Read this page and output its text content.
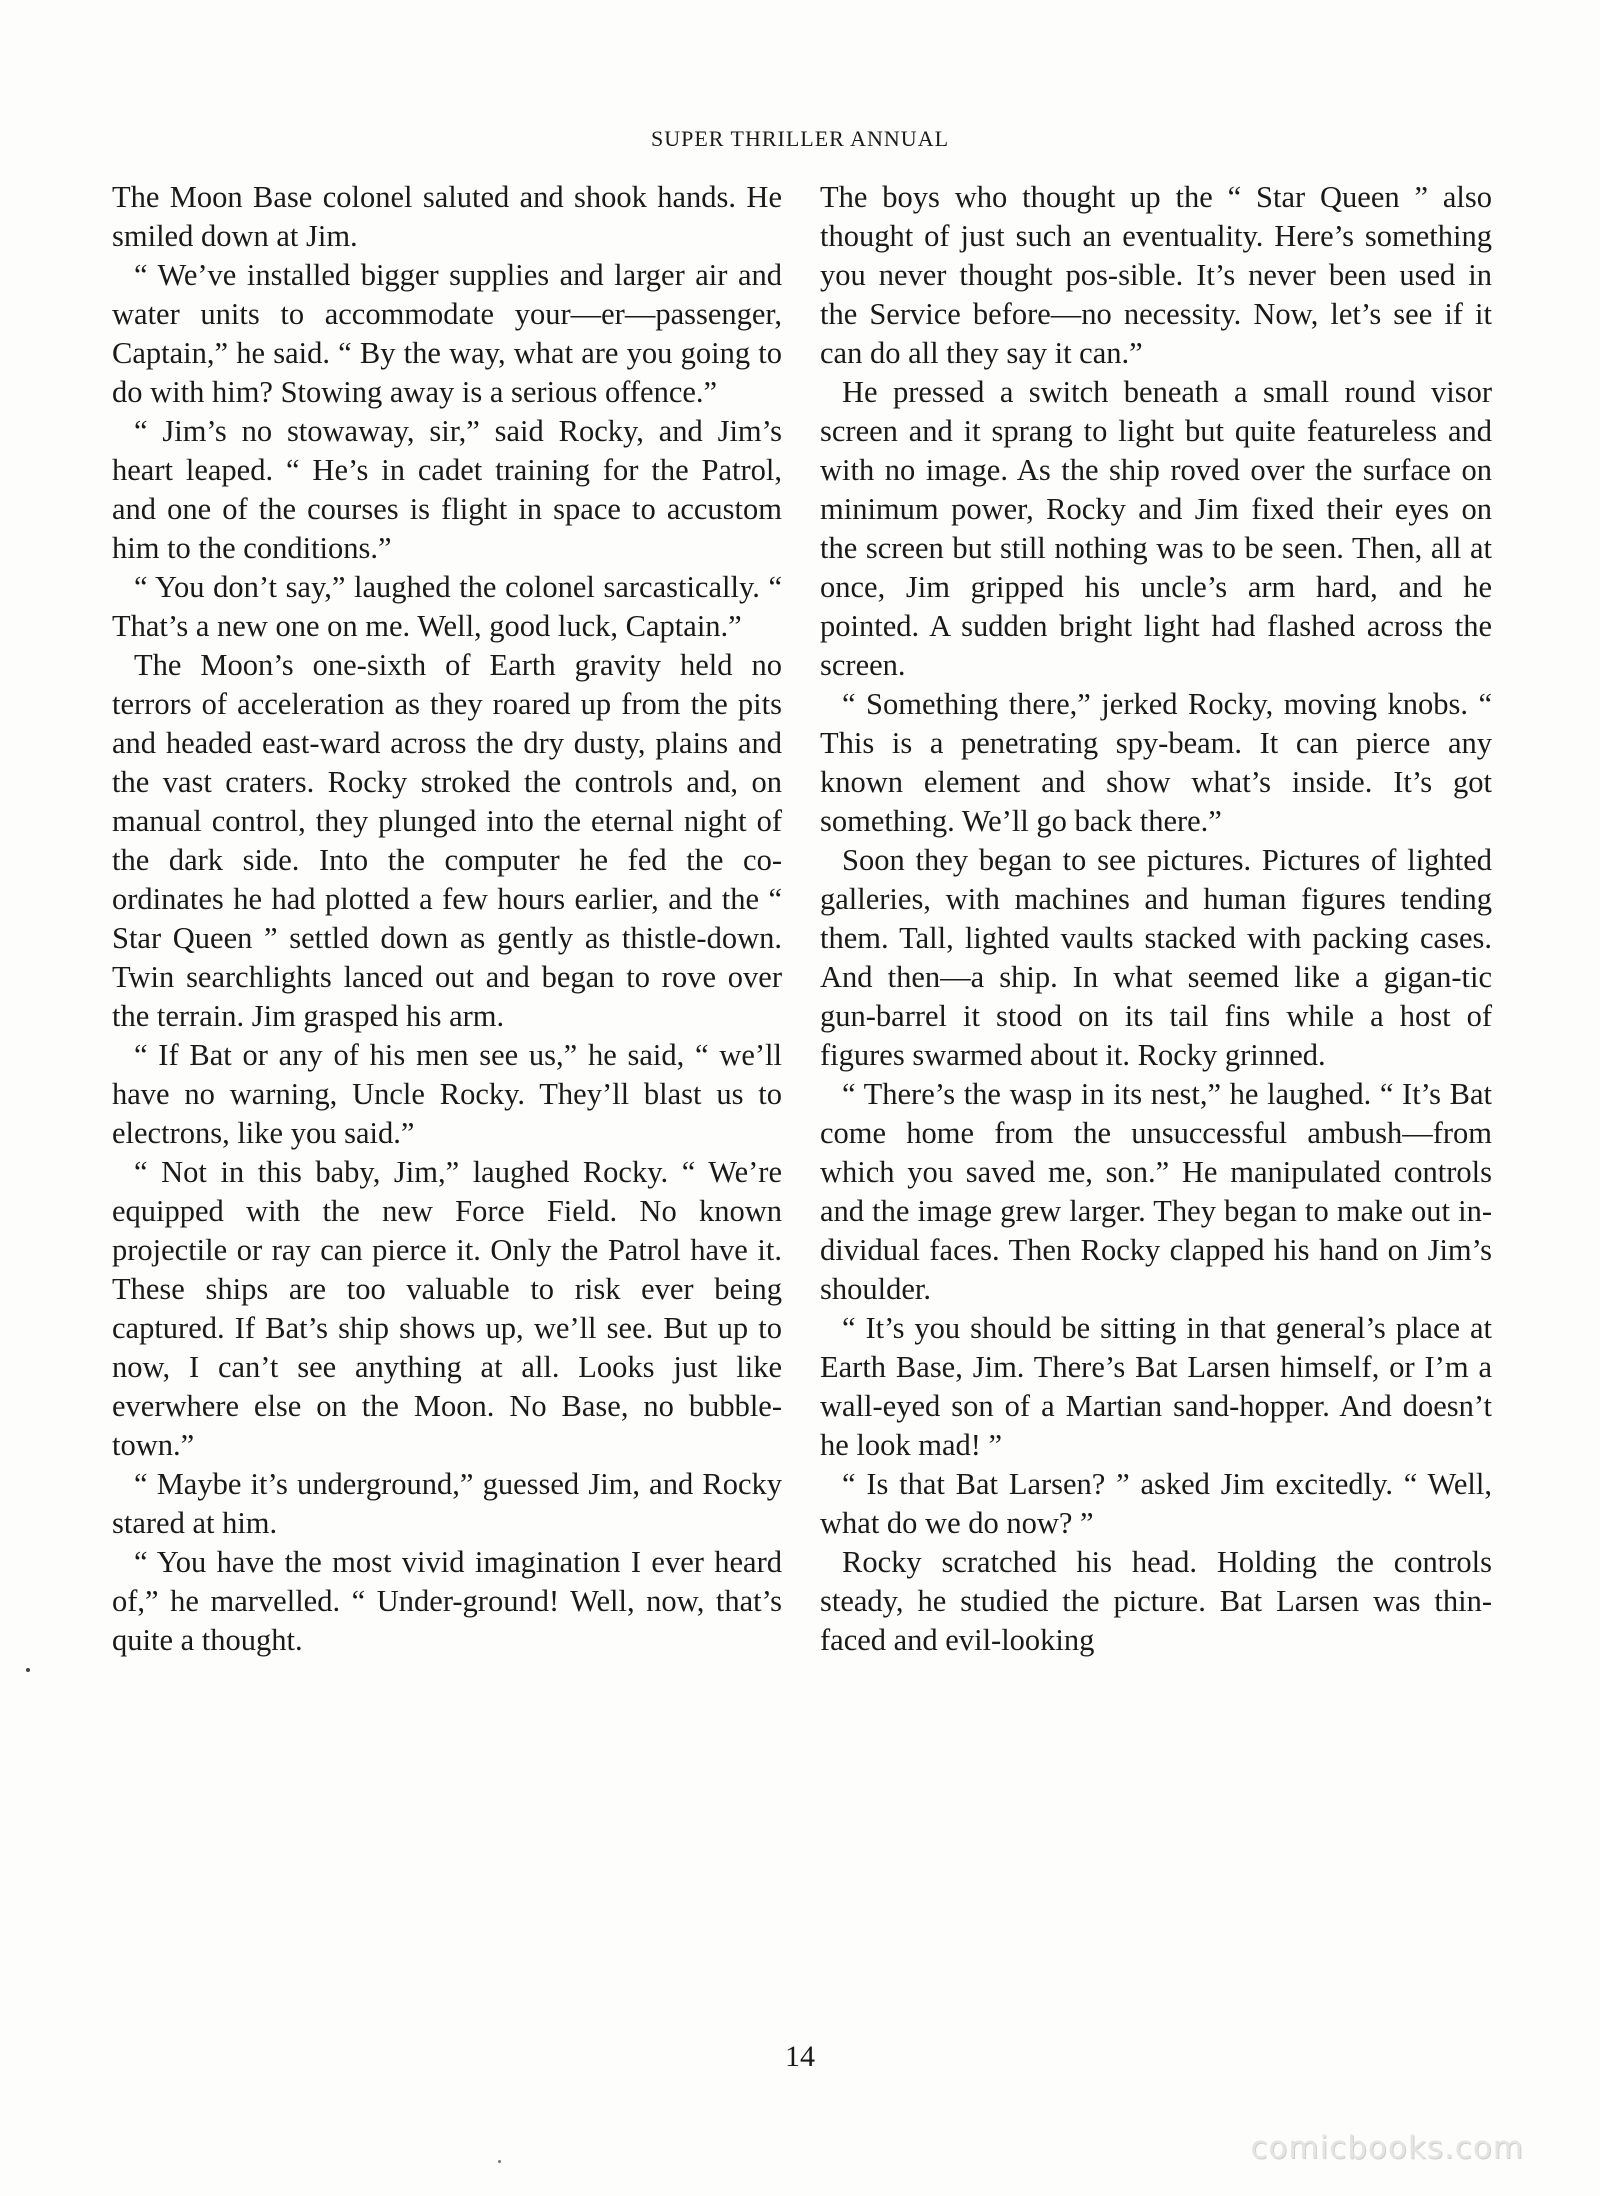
SUPER THRILLER ANNUAL

The Moon Base colonel saluted and shook hands. He smiled down at Jim.

“ We’ve installed bigger supplies and larger air and water units to accommodate your—er—passenger, Captain,” he said. “ By the way, what are you going to do with him? Stowing away is a serious offence.”

“ Jim’s no stowaway, sir,” said Rocky, and Jim’s heart leaped. “ He’s in cadet training for the Patrol, and one of the courses is flight in space to accustom him to the conditions.”

“ You don’t say,” laughed the colonel sarcastically. “ That’s a new one on me. Well, good luck, Captain.”

The Moon’s one-sixth of Earth gravity held no terrors of acceleration as they roared up from the pits and headed east-ward across the dry dusty, plains and the vast craters. Rocky stroked the controls and, on manual control, they plunged into the eternal night of the dark side. Into the computer he fed the co-ordinates he had plotted a few hours earlier, and the “ Star Queen ” settled down as gently as thistle-down. Twin searchlights lanced out and began to rove over the terrain. Jim grasped his arm.

“ If Bat or any of his men see us,” he said, “ we’ll have no warning, Uncle Rocky. They’ll blast us to electrons, like you said.”

“ Not in this baby, Jim,” laughed Rocky. “ We’re equipped with the new Force Field. No known projectile or ray can pierce it. Only the Patrol have it. These ships are too valuable to risk ever being captured. If Bat’s ship shows up, we’ll see. But up to now, I can’t see anything at all. Looks just like everwhere else on the Moon. No Base, no bubble-town.”

“ Maybe it’s underground,” guessed Jim, and Rocky stared at him.

“ You have the most vivid imagination I ever heard of,” he marvelled. “ Under-ground! Well, now, that’s quite a thought.

The boys who thought up the “ Star Queen ” also thought of just such an eventuality. Here’s something you never thought pos-sible. It’s never been used in the Service before—no necessity. Now, let’s see if it can do all they say it can.”

He pressed a switch beneath a small round visor screen and it sprang to light but quite featureless and with no image. As the ship roved over the surface on minimum power, Rocky and Jim fixed their eyes on the screen but still nothing was to be seen. Then, all at once, Jim gripped his uncle’s arm hard, and he pointed. A sudden bright light had flashed across the screen.

“ Something there,” jerked Rocky, moving knobs. “ This is a penetrating spy-beam. It can pierce any known element and show what’s inside. It’s got something. We’ll go back there.”

Soon they began to see pictures. Pictures of lighted galleries, with machines and human figures tending them. Tall, lighted vaults stacked with packing cases. And then—a ship. In what seemed like a gigan-tic gun-barrel it stood on its tail fins while a host of figures swarmed about it. Rocky grinned.

“ There’s the wasp in its nest,” he laughed. “ It’s Bat come home from the unsuccessful ambush—from which you saved me, son.” He manipulated controls and the image grew larger. They began to make out in-dividual faces. Then Rocky clapped his hand on Jim’s shoulder.

“ It’s you should be sitting in that general’s place at Earth Base, Jim. There’s Bat Larsen himself, or I’m a wall-eyed son of a Martian sand-hopper. And doesn’t he look mad! ”

“ Is that Bat Larsen? ” asked Jim excitedly. “ Well, what do we do now? ”

Rocky scratched his head. Holding the controls steady, he studied the picture. Bat Larsen was thin-faced and evil-looking

14
comicbooks.com
